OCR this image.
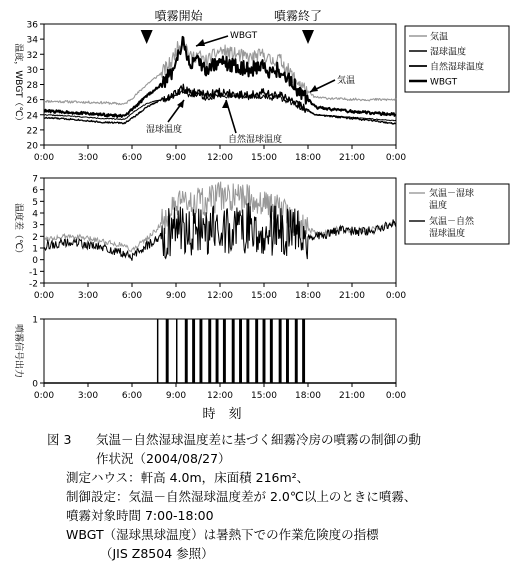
20
22
24
26
28
30
32
34
36
0:00	3:00	6:00	9:00 12:00 15:00 18:00 21:00 0:00
温度，WBGT（℃）
気温
湿球温度
自然湿球温度
WBGT
噴霧開始	噴霧終了
WBGT
気温
湿球温度
自然湿球温度
-2
-1
0
1
2
3
4
5
6
7
0:00	3:00	6:00	9:00 12:00 15:00 18:00 21:00 0:00
温度差（℃）
気温－湿球温度
気温－自然湿球温度
0
1
0:00	3:00	6:00	9:00 12:00 15:00 18:00 21:00 0:00
噴霧信号出力
時　刻
図 3 気温－自然湿球温度差に基づく細霧冷房の噴霧の制御の動
作状況（2004/08/27）
測定ハウス：軒高 4.0m，床面積 216m²、
制御設定：気温－自然湿球温度差が 2.0℃以上のときに噴霧、
噴霧対象時間 7:00-18:00
WBGT（湿球黒球温度）は暑熱下での作業危険度の指標
（JIS Z8504 参照）
